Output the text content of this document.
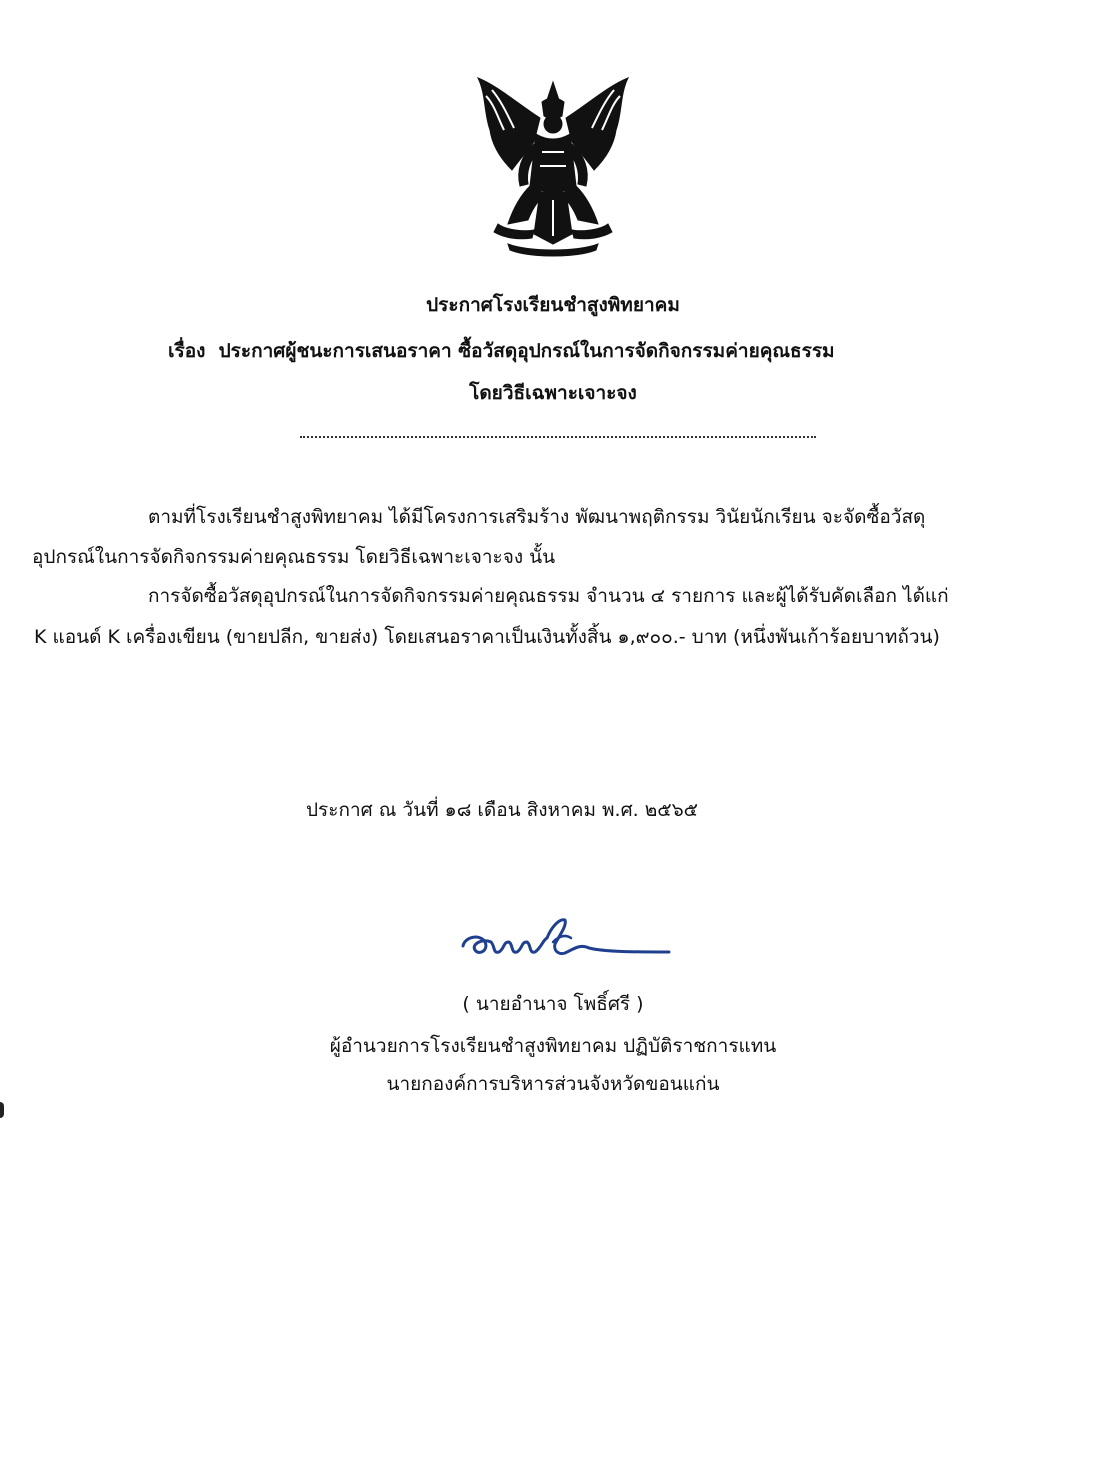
ประกาศโรงเรียนชำสูงพิทยาคม
เรื่อง ประกาศผู้ชนะการเสนอราคา ซื้อวัสดุอุปกรณ์ในการจัดกิจกรรมค่ายคุณธรรม
โดยวิธีเฉพาะเจาะจง
ตามที่โรงเรียนชำสูงพิทยาคม ได้มีโครงการเสริมร้าง พัฒนาพฤติกรรม วินัยนักเรียน จะจัดซื้อวัสดุ
อุปกรณ์ในการจัดกิจกรรมค่ายคุณธรรม โดยวิธีเฉพาะเจาะจง นั้น
การจัดซื้อวัสดุอุปกรณ์ในการจัดกิจกรรมค่ายคุณธรรม จำนวน ๔ รายการ และผู้ได้รับคัดเลือก ได้แก่
K แอนด์ K เครื่องเขียน (ขายปลีก, ขายส่ง) โดยเสนอราคาเป็นเงินทั้งสิ้น ๑,๙๐๐.- บาท (หนึ่งพันเก้าร้อยบาทถ้วน)
ประกาศ ณ วันที่ ๑๘ เดือน สิงหาคม พ.ศ. ๒๕๖๕
( นายอำนาจ โพธิ์ศรี )
ผู้อำนวยการโรงเรียนชำสูงพิทยาคม ปฏิบัติราชการแทน
นายกองค์การบริหารส่วนจังหวัดขอนแก่น
